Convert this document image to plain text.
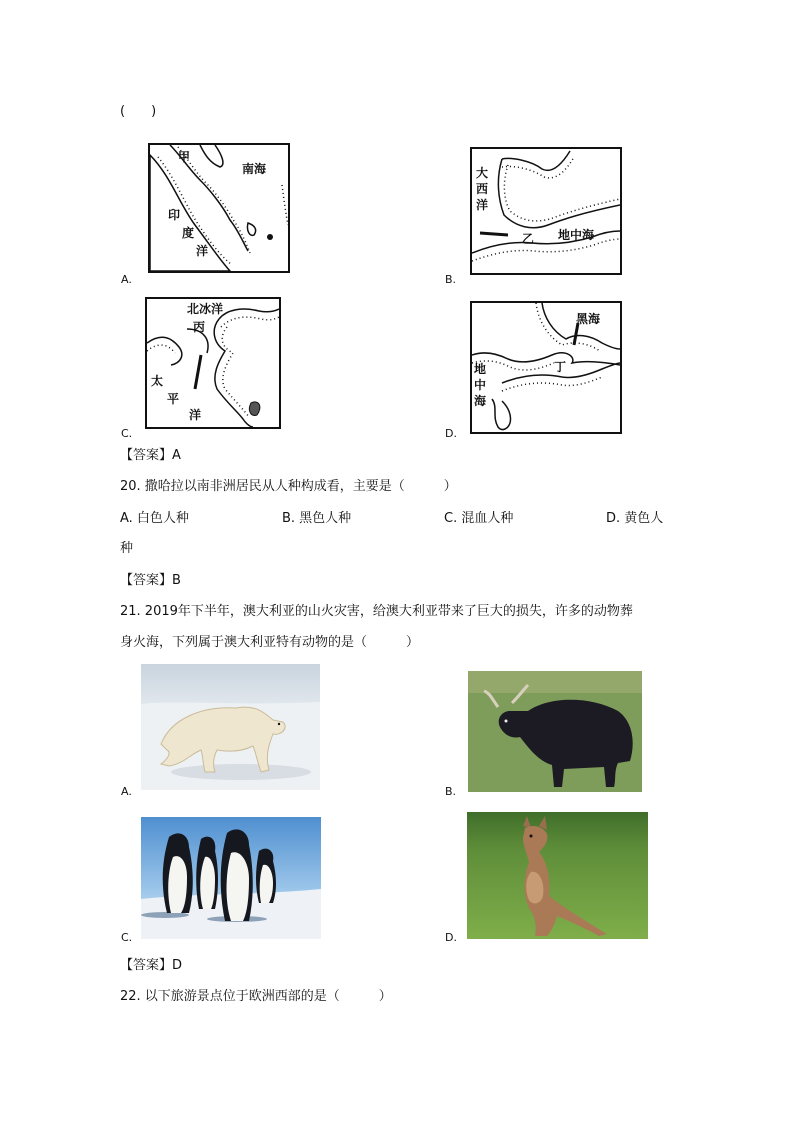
(　　)
甲
南海
印
度
洋
A.
大
西
洋
乙 地中海
B.
北冰洋
丙
太
平
洋
C.
黑海
丁
地
中
海
D.
【答案】A
20. 撒哈拉以南非洲居民从人种构成看，主要是（　　　）
A. 白色人种	B. 黑色人种	C. 混血人种	D. 黄色人
种
【答案】B
21. 2019年下半年，澳大利亚的山火灾害，给澳大利亚带来了巨大的损失，许多的动物葬
身火海，下列属于澳大利亚特有动物的是（　　　）
A.	B.
C.	D.
【答案】D
22. 以下旅游景点位于欧洲西部的是（　　　）
